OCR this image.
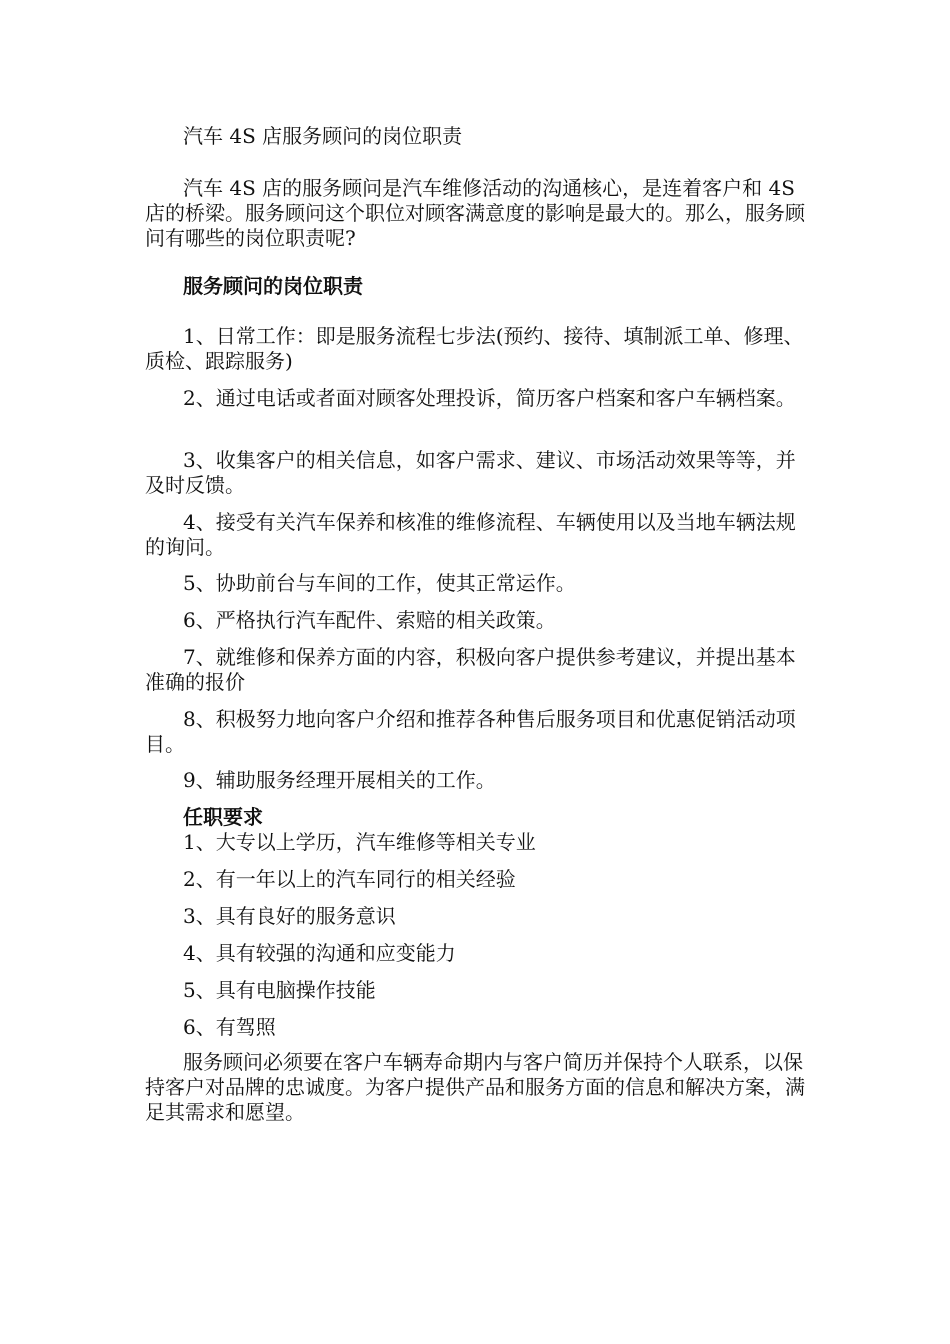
汽车 4S 店服务顾问的岗位职责
汽车 4S 店的服务顾问是汽车维修活动的沟通核心，是连着客户和 4S 店的桥梁。服务顾问这个职位对顾客满意度的影响是最大的。那么，服务顾问有哪些的岗位职责呢?
服务顾问的岗位职责
1、日常工作：即是服务流程七步法(预约、接待、填制派工单、修理、质检、跟踪服务)
2、通过电话或者面对顾客处理投诉，简历客户档案和客户车辆档案。
3、收集客户的相关信息，如客户需求、建议、市场活动效果等等，并及时反馈。
4、接受有关汽车保养和核准的维修流程、车辆使用以及当地车辆法规的询问。
5、协助前台与车间的工作，使其正常运作。
6、严格执行汽车配件、索赔的相关政策。
7、就维修和保养方面的内容，积极向客户提供参考建议，并提出基本准确的报价
8、积极努力地向客户介绍和推荐各种售后服务项目和优惠促销活动项目。
9、辅助服务经理开展相关的工作。
任职要求
1、大专以上学历，汽车维修等相关专业
2、有一年以上的汽车同行的相关经验
3、具有良好的服务意识
4、具有较强的沟通和应变能力
5、具有电脑操作技能
6、有驾照
服务顾问必须要在客户车辆寿命期内与客户简历并保持个人联系，以保持客户对品牌的忠诚度。为客户提供产品和服务方面的信息和解决方案，满足其需求和愿望。
